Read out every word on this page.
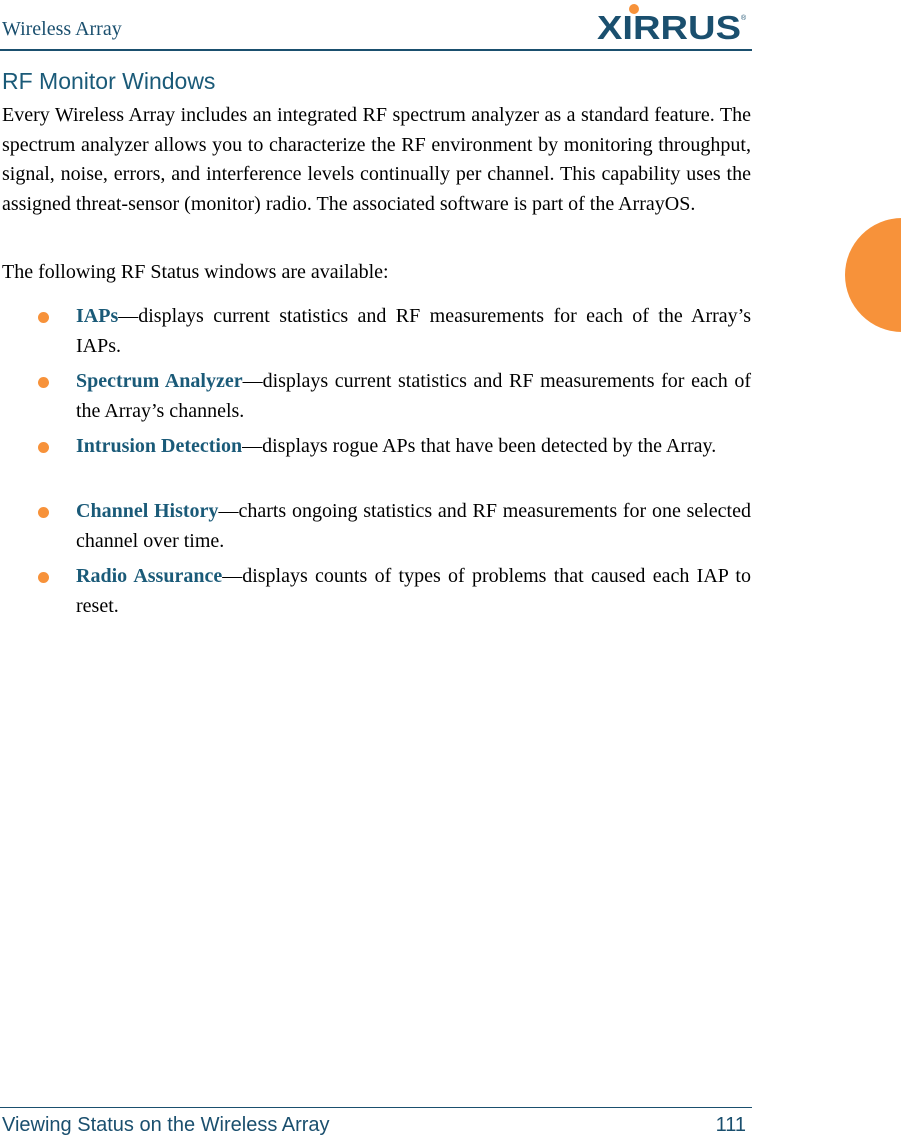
Wireless Array	XIRRUS ®
RF Monitor Windows
Every Wireless Array includes an integrated RF spectrum analyzer as a standard feature. The spectrum analyzer allows you to characterize the RF environment by monitoring throughput, signal, noise, errors, and interference levels continually per channel. This capability uses the assigned threat-sensor (monitor) radio. The associated software is part of the ArrayOS.
The following RF Status windows are available:
IAPs—displays current statistics and RF measurements for each of the Array’s IAPs.
Spectrum Analyzer—displays current statistics and RF measurements for each of the Array’s channels.
Intrusion Detection—displays rogue APs that have been detected by the Array.
Channel History—charts ongoing statistics and RF measurements for one selected channel over time.
Radio Assurance—displays counts of types of problems that caused each IAP to reset.
Viewing Status on the Wireless Array	111
